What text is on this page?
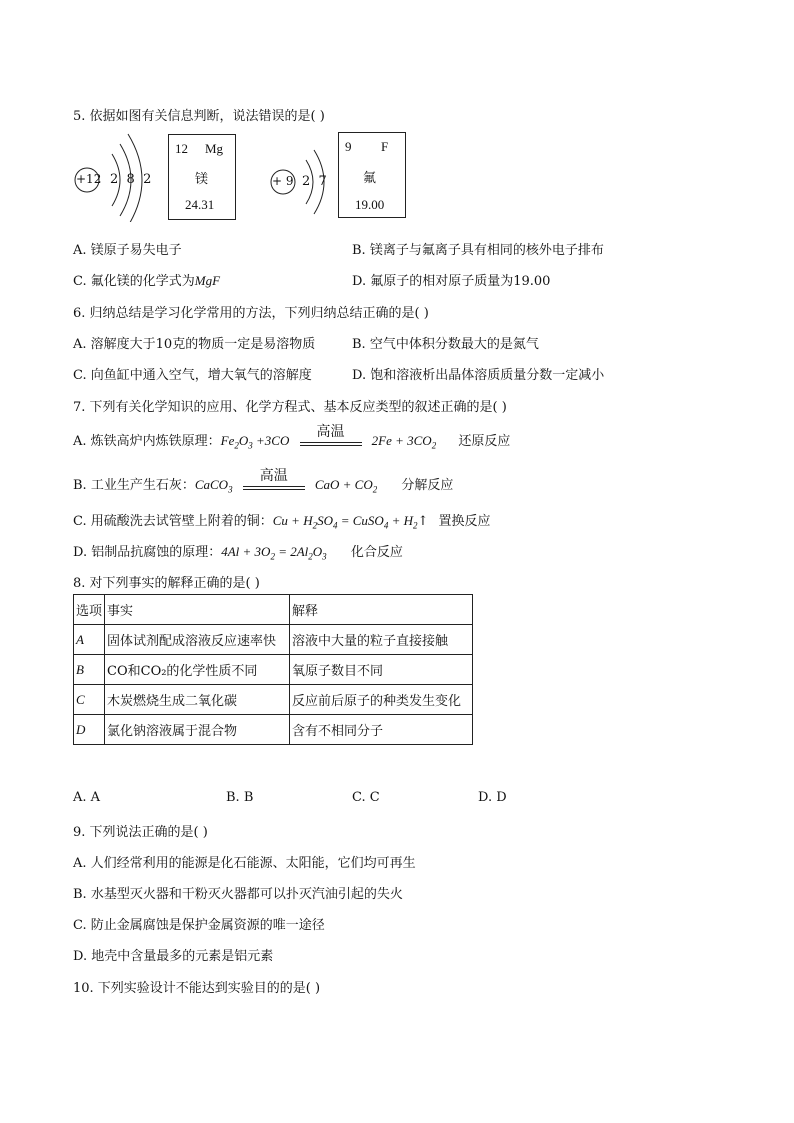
5. 依据如图有关信息判断，说法错误的是( )
+12 2  8  2	+ 9 2  7
12 Mg
镁
24.31
9 F
氟
19.00
A. 镁原子易失电子	B. 镁离子与氟离子具有相同的核外电子排布
C. 氟化镁的化学式为MgF	D. 氟原子的相对原子质量为19.00
6. 归纳总结是学习化学常用的方法，下列归纳总结正确的是( )
A. 溶解度大于10克的物质一定是易溶物质	B. 空气中体积分数最大的是氮气
C. 向鱼缸中通入空气，增大氧气的溶解度	D. 饱和溶液析出晶体溶质质量分数一定减小
7. 下列有关化学知识的应用、化学方程式、基本反应类型的叙述正确的是( )
A. 炼铁高炉内炼铁原理：$Fe_2O_3 +3CO$
高温
$2Fe + 3CO_2$ 还原反应
B. 工业生产生石灰：CaCO$_3$
高温
CaO + $CO_2$ 分解反应
C. 用硫酸洗去试管壁上附着的铜：$Cu + H_2SO_4$ = CuSO$_4$ + $H_2↑$ 置换反应
D. 铝制品抗腐蚀的原理：$4Al + 3O_2 = 2Al_2O_3$ 化合反应
8. 对下列事实的解释正确的是( )
选项	事实	解释
A	固体试剂配成溶液反应速率快	溶液中大量的粒子直接接触
B	CO和CO₂的化学性质不同	氧原子数目不同
C	木炭燃烧生成二氧化碳	反应前后原子的种类发生变化
D	氯化钠溶液属于混合物	含有不相同分子
A. A	B. B	C. C	D. D
9. 下列说法正确的是( )
A. 人们经常利用的能源是化石能源、太阳能，它们均可再生
B. 水基型灭火器和干粉灭火器都可以扑灭汽油引起的失火
C. 防止金属腐蚀是保护金属资源的唯一途径
D. 地壳中含量最多的元素是铝元素
10. 下列实验设计不能达到实验目的的是( )
